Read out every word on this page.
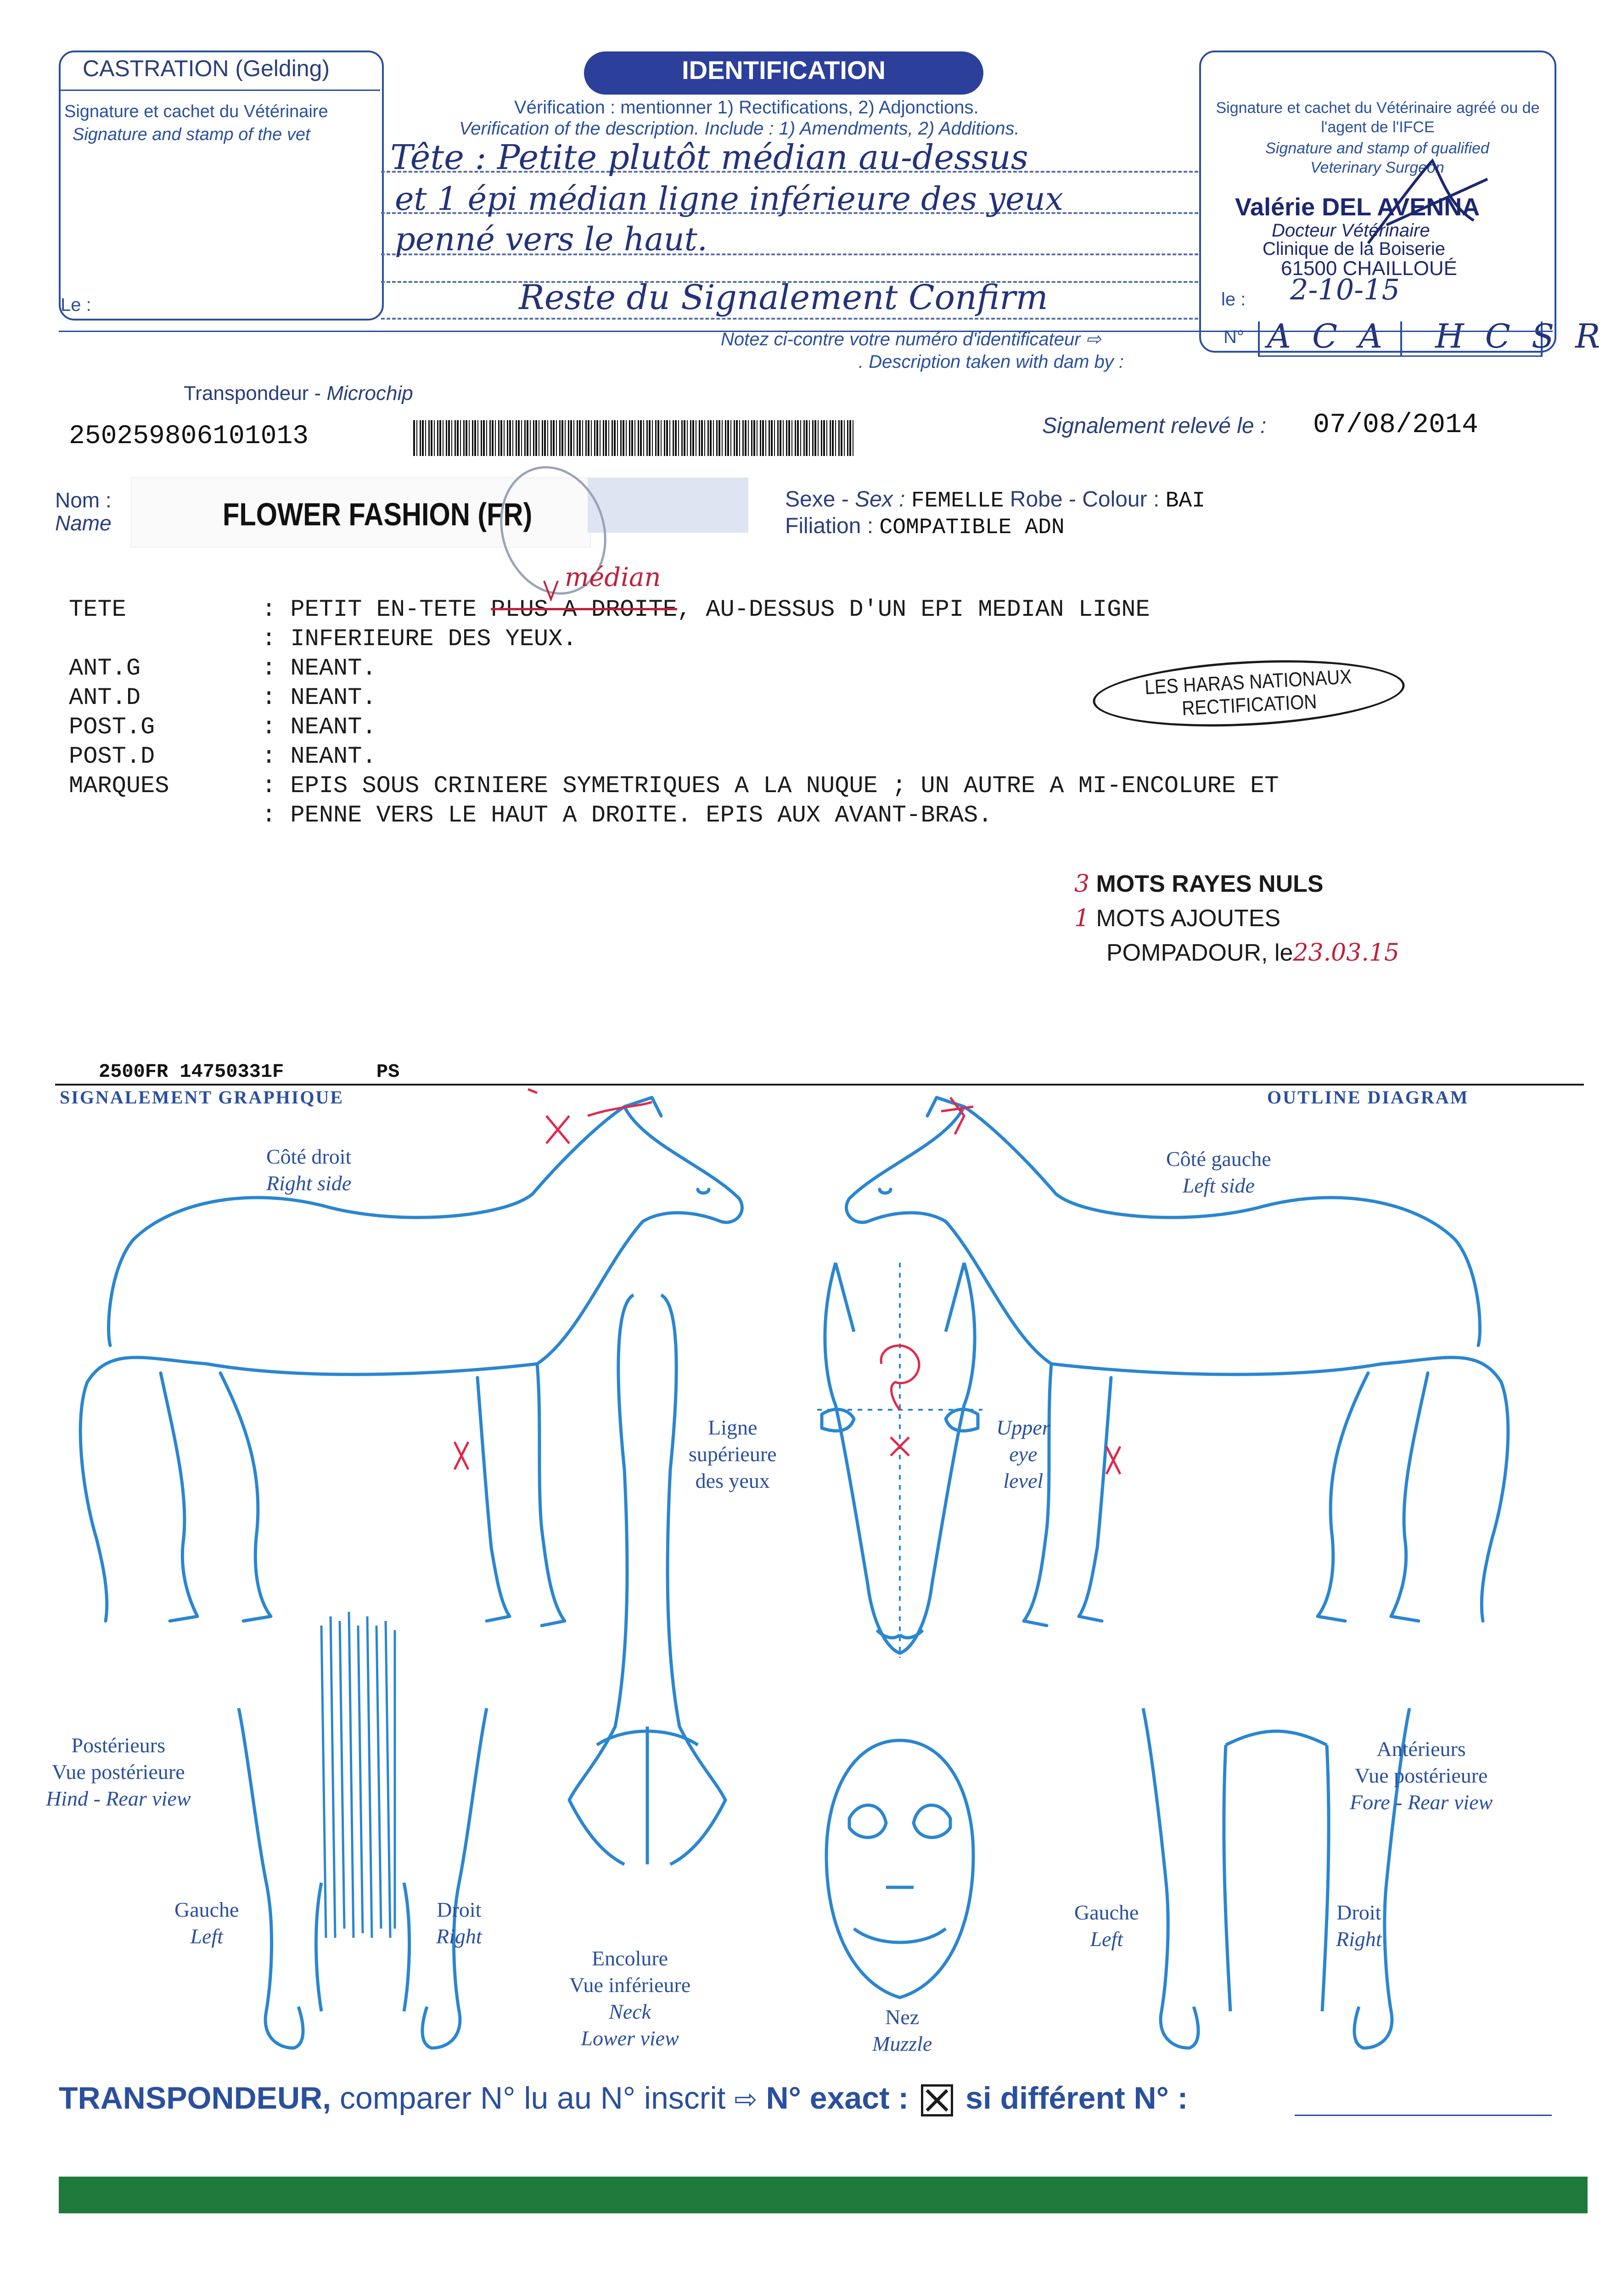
CASTRATION (Gelding)
Signature et cachet du Vétérinaire
Signature and stamp of the vet
Le :
IDENTIFICATION
Vérification : mentionner 1) Rectifications, 2) Adjonctions.
Verification of the description. Include : 1) Amendments, 2) Additions.
Tête : Petite plutôt médian au-dessus
et 1 épi médian ligne inférieure des yeux
penné vers le haut.
Reste du Signalement Confirm
Notez ci-contre votre numéro d'identificateur ⇨
. Description taken with dam by :
Signature et cachet du Vétérinaire agréé ou de l'agent de l'IFCE
Signature and stamp of qualified Veterinary Surgeon
Valérie DEL AVENNA
Docteur Vétérinaire
Clinique de la Boiserie
61500 CHAILLOUÉ
le : 2-10-15
N° ACA HCSR
Transpondeur - Microchip
250259806101013	Signalement relevé le : 07/08/2014
Nom :
Name	FLOWER FASHION (FR)	Sexe - Sex : FEMELLE Robe - Colour : BAI
Filiation : COMPATIBLE ADN
médian
TETE	: PETIT EN-TETE PLUS A DROITE, AU-DESSUS D'UN EPI MEDIAN LIGNE
: INFERIEURE DES YEUX.
ANT.G	: NEANT.
ANT.D	: NEANT.
POST.G	: NEANT.
POST.D	: NEANT.
MARQUES	: EPIS SOUS CRINIERE SYMETRIQUES A LA NUQUE ; UN AUTRE A MI-ENCOLURE ET
: PENNE VERS LE HAUT A DROITE. EPIS AUX AVANT-BRAS.
LES HARAS NATIONAUX
RECTIFICATION
3 MOTS RAYES NULS
1 MOTS AJOUTES
POMPADOUR, le23.03.15
2500FR 14750331F	PS
SIGNALEMENT GRAPHIQUE	OUTLINE DIAGRAM
Côté droit
Right side
Côté gauche
Left side
Ligne
supérieure
des yeux
Upper
eye
level
Postérieurs
Vue postérieure
Hind - Rear view
Antérieurs
Vue postérieure
Fore - Rear view
Gauche
Left
Droit
Right
Gauche
Left
Droit
Right
Encolure
Vue inférieure
Neck
Lower view
Nez
Muzzle
TRANSPONDEUR, comparer N° lu au N° inscrit ⇨ N° exact : si différent N° :
